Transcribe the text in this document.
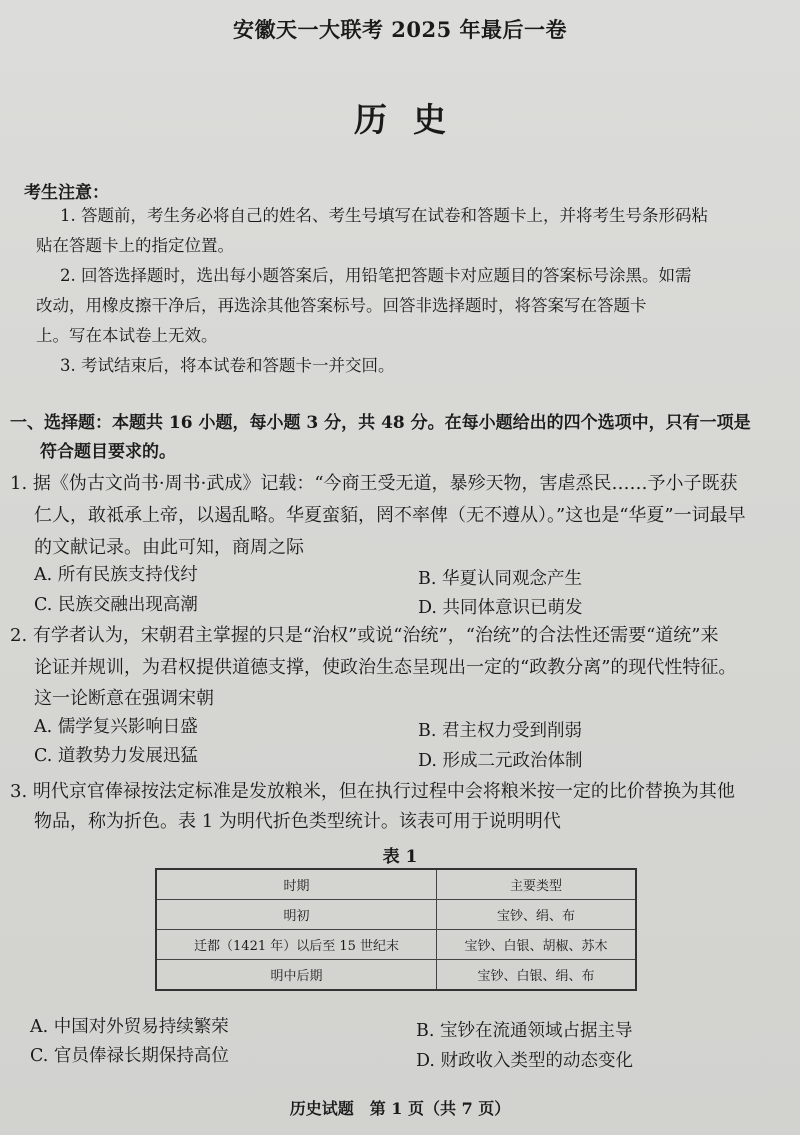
安徽天一大联考 2025 年最后一卷
历史
考生注意：
1. 答题前，考生务必将自己的姓名、考生号填写在试卷和答题卡上，并将考生号条形码粘
贴在答题卡上的指定位置。
2. 回答选择题时，选出每小题答案后，用铅笔把答题卡对应题目的答案标号涂黑。如需
改动，用橡皮擦干净后，再选涂其他答案标号。回答非选择题时，将答案写在答题卡
上。写在本试卷上无效。
3. 考试结束后，将本试卷和答题卡一并交回。
一、选择题：本题共 16 小题，每小题 3 分，共 48 分。在每小题给出的四个选项中，只有一项是
符合题目要求的。
1. 据《伪古文尚书·周书·武成》记载：“今商王受无道，暴殄天物，害虐烝民……予小子既获
仁人，敢祗承上帝，以遏乱略。华夏蛮貊，罔不率俾（无不遵从）。”这也是“华夏”一词最早
的文献记录。由此可知，商周之际
A. 所有民族支持伐纣	B. 华夏认同观念产生
C. 民族交融出现高潮	D. 共同体意识已萌发
2. 有学者认为，宋朝君主掌握的只是“治权”或说“治统”，“治统”的合法性还需要“道统”来
论证并规训，为君权提供道德支撑，使政治生态呈现出一定的“政教分离”的现代性特征。
这一论断意在强调宋朝
A. 儒学复兴影响日盛	B. 君主权力受到削弱
C. 道教势力发展迅猛	D. 形成二元政治体制
3. 明代京官俸禄按法定标准是发放粮米，但在执行过程中会将粮米按一定的比价替换为其他
物品，称为折色。表 1 为明代折色类型统计。该表可用于说明明代
表 1
时期	主要类型
明初	宝钞、绢、布
迁都（1421 年）以后至 15 世纪末	宝钞、白银、胡椒、苏木
明中后期	宝钞、白银、绢、布
A. 中国对外贸易持续繁荣	B. 宝钞在流通领域占据主导
C. 官员俸禄长期保持高位	D. 财政收入类型的动态变化
历史试题　第 1 页（共 7 页）
